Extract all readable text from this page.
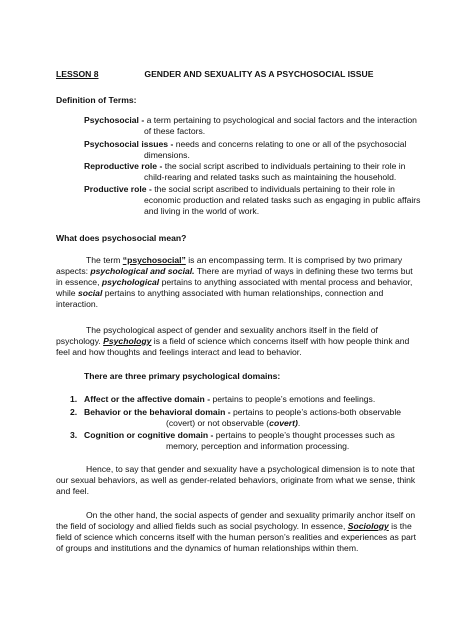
LESSON 8	GENDER AND SEXUALITY AS A PSYCHOSOCIAL ISSUE
Definition of Terms:
Psychosocial - a term pertaining to psychological and social factors and the interaction
of these factors.
Psychosocial issues - needs and concerns relating to one or all of the psychosocial
dimensions.
Reproductive role - the social script ascribed to individuals pertaining to their role in
child-rearing and related tasks such as maintaining the household.
Productive role - the social script ascribed to individuals pertaining to their role in
economic production and related tasks such as engaging in public affairs
and living in the world of work.
What does psychosocial mean?

The term “psychosocial” is an encompassing term. It is comprised by two primary aspects: psychological and social. There are myriad of ways in defining these two terms but in essence, psychological pertains to anything associated with mental process and behavior, while social pertains to anything associated with human relationships, connection and interaction.

The psychological aspect of gender and sexuality anchors itself in the field of psychology. Psychology is a field of science which concerns itself with how people think and feel and how thoughts and feelings interact and lead to behavior.

There are three primary psychological domains:
1. Affect or the affective domain - pertains to people’s emotions and feelings.
2. Behavior or the behavioral domain - pertains to people’s actions-both observable
(covert) or not observable (covert).
3. Cognition or cognitive domain - pertains to people’s thought processes such as
memory, perception and information processing.

Hence, to say that gender and sexuality have a psychological dimension is to note that our sexual behaviors, as well as gender-related behaviors, originate from what we sense, think and feel.

On the other hand, the social aspects of gender and sexuality primarily anchor itself on the field of sociology and allied fields such as social psychology. In essence, Sociology is the field of science which concerns itself with the human person’s realities and experiences as part of groups and institutions and the dynamics of human relationships within them.
